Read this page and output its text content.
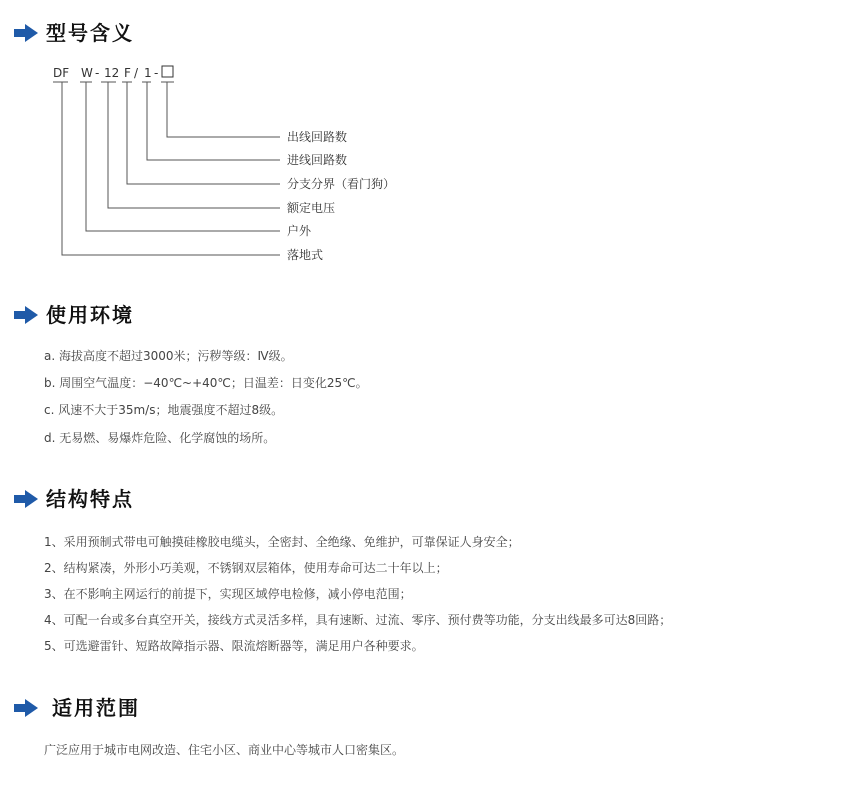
型号含义
DF W - 12 F / 1 -
出线回路数
进线回路数
分支分界（看门狗）
额定电压
户外
落地式
使用环境
a. 海拔高度不超过3000米；污秽等级：Ⅳ级。
b. 周围空气温度：−40℃~+40℃；日温差：日变化25℃。
c. 风速不大于35m/s；地震强度不超过8级。
d. 无易燃、易爆炸危险、化学腐蚀的场所。
结构特点
1、采用预制式带电可触摸硅橡胶电缆头，全密封、全绝缘、免维护，可靠保证人身安全；
2、结构紧凑，外形小巧美观，不锈钢双层箱体，使用寿命可达二十年以上；
3、在不影响主网运行的前提下，实现区域停电检修，减小停电范围；
4、可配一台或多台真空开关，接线方式灵活多样，具有速断、过流、零序、预付费等功能，分支出线最多可达8回路；
5、可选避雷针、短路故障指示器、限流熔断器等，满足用户各种要求。
适用范围
广泛应用于城市电网改造、住宅小区、商业中心等城市人口密集区。
